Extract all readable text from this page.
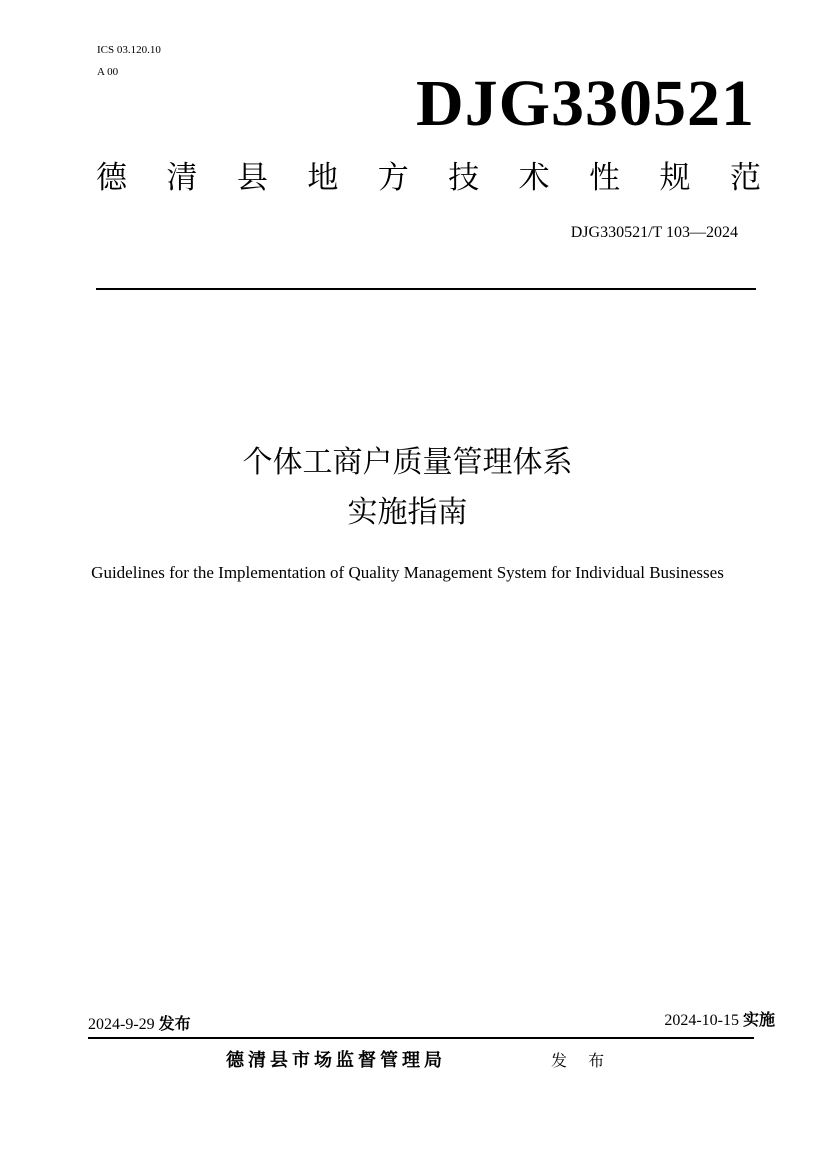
ICS 03.120.10
A 00	DJG330521
德 清 县 地 方 技 术 性 规 范
DJG330521/T 103—2024
个体工商户质量管理体系
实施指南
Guidelines for the Implementation of Quality Management System for Individual Businesses
2024-9-29 发布	2024-10-15 实施
德清县市场监督管理局	发 布
